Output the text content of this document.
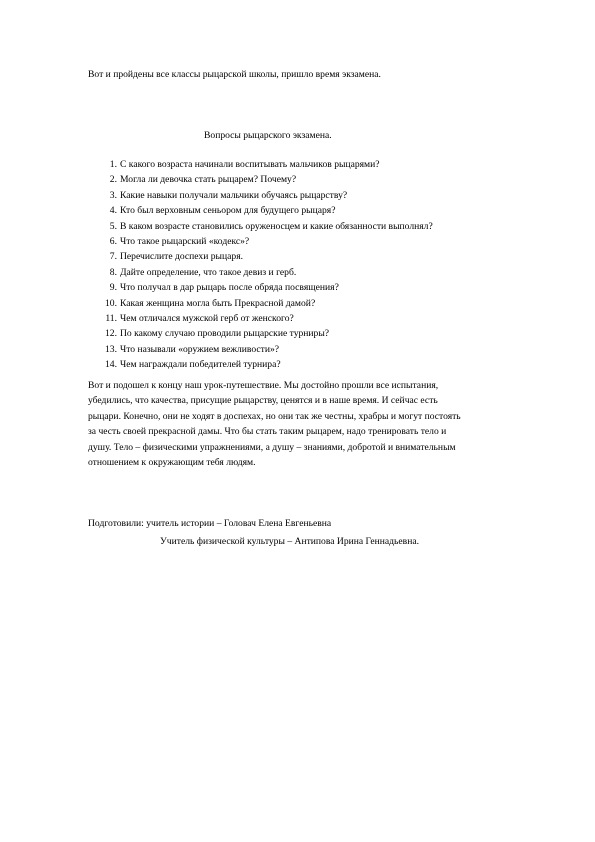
Вот и пройдены все классы рыцарской школы, пришло время экзамена.
Вопросы рыцарского экзамена.
1. С какого возраста начинали воспитывать мальчиков рыцарями?
2. Могла ли девочка стать рыцарем? Почему?
3. Какие навыки получали мальчики обучаясь рыцарству?
4. Кто был верховным сеньором для будущего рыцаря?
5. В каком возрасте становились оруженосцем и какие обязанности выполнял?
6. Что такое рыцарский «кодекс»?
7. Перечислите доспехи рыцаря.
8. Дайте определение, что такое девиз и герб.
9. Что получал в дар рыцарь после обряда посвящения?
10. Какая женщина могла быть Прекрасной дамой?
11. Чем отличался мужской герб от женского?
12. По какому случаю проводили рыцарские турниры?
13. Что называли «оружием вежливости»?
14. Чем награждали победителей турнира?
Вот и подошел к концу наш урок-путешествие. Мы достойно прошли все испытания,
убедились, что качества, присущие рыцарству, ценятся и в наше время. И сейчас есть
рыцари. Конечно, они не ходят в доспехах, но они так же честны, храбры и могут постоять
за честь своей прекрасной дамы. Что бы стать таким рыцарем, надо тренировать тело и
душу. Тело – физическими упражнениями, а душу – знаниями, добротой и внимательным
отношением к окружающим тебя людям.
Подготовили: учитель истории – Головач Елена Евгеньевна
Учитель физической культуры – Антипова Ирина Геннадьевна.
